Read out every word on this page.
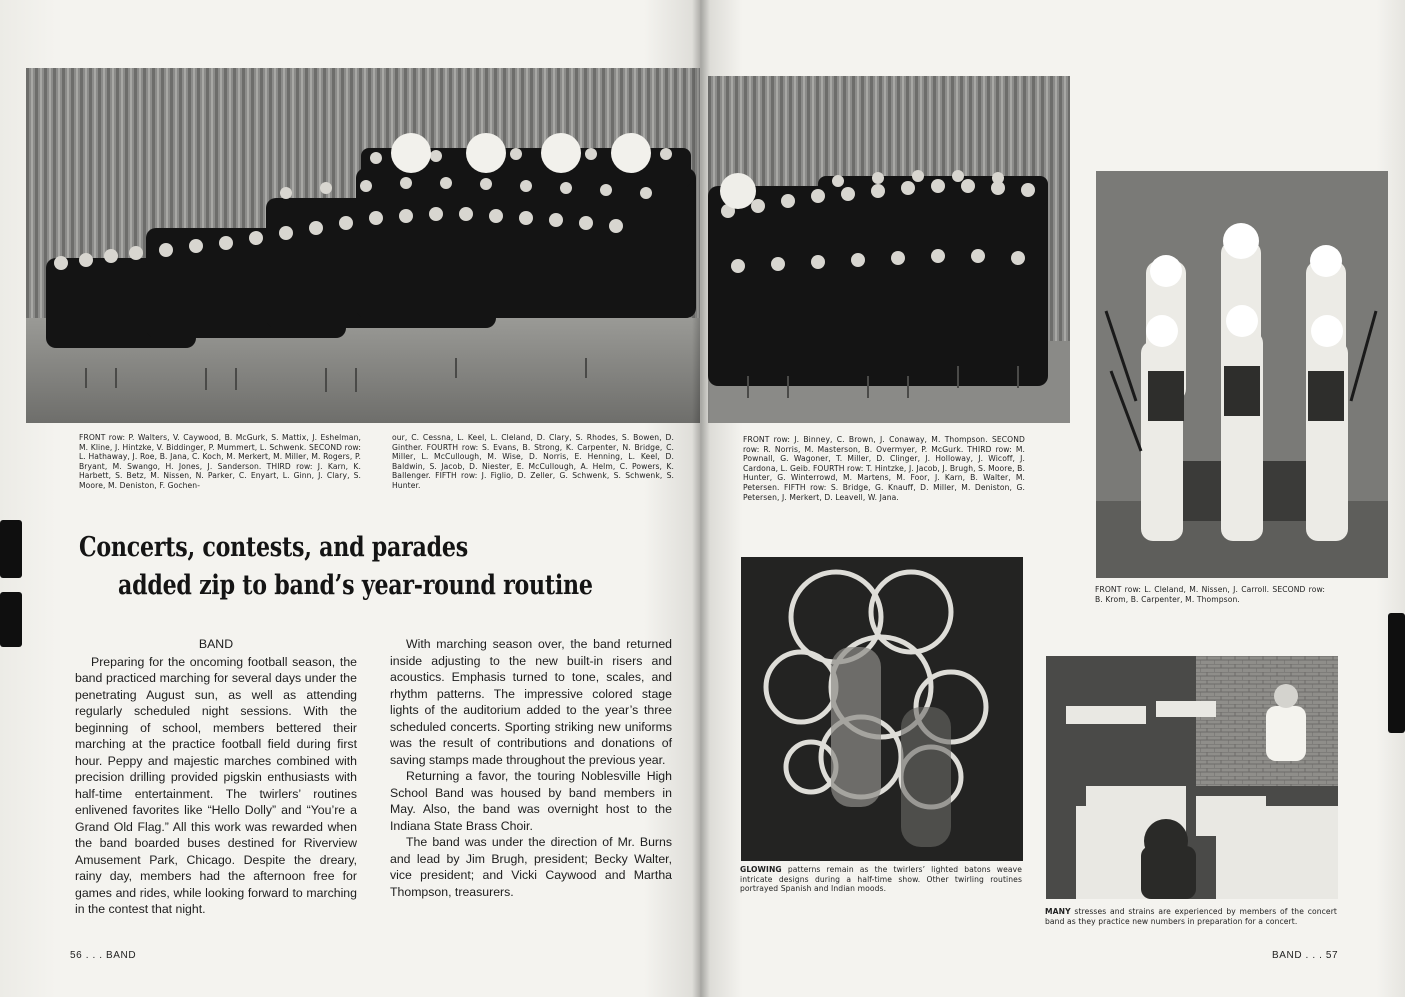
FRONT row: P. Walters, V. Caywood, B. McGurk, S. Mattix, J. Eshelman, M. Kline, J. Hintzke, V. Biddinger, P. Mummert, L. Schwenk. SECOND row: L. Hathaway, J. Roe, B. Jana, C. Koch, M. Merkert, M. Miller, M. Rogers, P. Bryant, M. Swango, H. Jones, J. Sanderson. THIRD row: J. Karn, K. Harbett, S. Betz, M. Nissen, N. Parker, C. Enyart, L. Ginn, J. Clary, S. Moore, M. Deniston, F. Gochen-
our, C. Cessna, L. Keel, L. Cleland, D. Clary, S. Rhodes, S. Bowen, D. Ginther. FOURTH row: S. Evans, B. Strong, K. Carpenter, N. Bridge, C. Miller, L. McCullough, M. Wise, D. Norris, E. Henning, L. Keel, D. Baldwin, S. Jacob, D. Niester, E. McCullough, A. Helm, C. Powers, K. Ballenger. FIFTH row: J. Figlio, D. Zeller, G. Schwenk, S. Schwenk, S. Hunter.
Concerts, contests, and parades
added zip to band’s year-round routine
BAND

Preparing for the oncoming football season, the band practiced marching for several days under the penetrating August sun, as well as attending regularly scheduled night sessions. With the beginning of school, members bettered their marching at the practice football field during first hour. Peppy and majestic marches combined with precision drilling provided pigskin enthusiasts with half-time entertainment. The twirlers’ routines enlivened favorites like “Hello Dolly” and “You’re a Grand Old Flag.” All this work was rewarded when the band boarded buses destined for Riverview Amusement Park, Chicago. Despite the dreary, rainy day, members had the afternoon free for games and rides, while looking forward to marching in the contest that night.

With marching season over, the band returned inside adjusting to the new built-in risers and acoustics. Emphasis turned to tone, scales, and rhythm patterns. The impressive colored stage lights of the auditorium added to the year’s three scheduled concerts. Sporting striking new uniforms was the result of contributions and donations of saving stamps made throughout the previous year.

Returning a favor, the touring Noblesville High School Band was housed by band members in May. Also, the band was overnight host to the Indiana State Brass Choir.

The band was under the direction of Mr. Burns and lead by Jim Brugh, president; Becky Walter, vice president; and Vicki Caywood and Martha Thompson, treasurers.

56 . . . BAND
FRONT row: J. Binney, C. Brown, J. Conaway, M. Thompson. SECOND row: R. Norris, M. Masterson, B. Overmyer, P. McGurk. THIRD row: M. Pownall, G. Wagoner, T. Miller, D. Clinger, J. Holloway, J. Wicoff, J. Cardona, L. Geib. FOURTH row: T. Hintzke, J. Jacob, J. Brugh, S. Moore, B. Hunter, G. Winterrowd, M. Martens, M. Foor, J. Karn, B. Walter, M. Petersen. FIFTH row: S. Bridge, G. Knauff, D. Miller, M. Deniston, G. Petersen, J. Merkert, D. Leavell, W. Jana.
FRONT row: L. Cleland, M. Nissen, J. Carroll. SECOND row: B. Krom, B. Carpenter, M. Thompson.
GLOWING patterns remain as the twirlers’ lighted batons weave intricate designs during a half-time show. Other twirling routines portrayed Spanish and Indian moods.
MANY stresses and strains are experienced by members of the concert band as they practice new numbers in preparation for a concert.
BAND . . . 57
